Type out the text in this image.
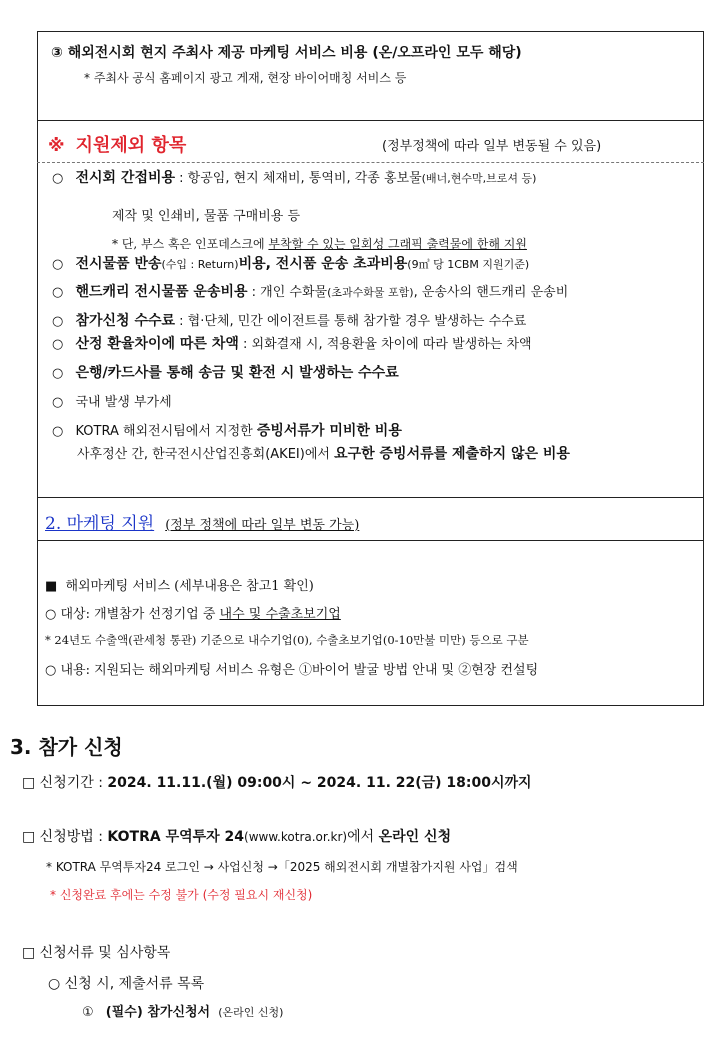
③ 해외전시회 현지 주최사 제공 마케팅 서비스 비용 (온/오프라인 모두 해당)
* 주최사 공식 홈페이지 광고 게재, 현장 바이어매칭 서비스 등
※ 지원제외 항목	(정부정책에 따라 일부 변동될 수 있음)
○ 전시회 간접비용 : 항공임, 현지 체재비, 통역비, 각종 홍보물(배너,현수막,브로셔 등)
제작 및 인쇄비, 물품 구매비용 등
* 단, 부스 혹은 인포데스크에 부착할 수 있는 일회성 그래픽 출력물에 한해 지원
○ 전시물품 반송(수입 : Return)비용, 전시품 운송 초과비용(9㎥ 당 1CBM 지원기준)
○ 핸드캐리 전시물품 운송비용 : 개인 수화물(초과수화물 포함), 운송사의 핸드캐리 운송비
○ 참가신청 수수료 : 협·단체, 민간 에이전트를 통해 참가할 경우 발생하는 수수료
○ 산정 환율차이에 따른 차액 : 외화결재 시, 적용환율 차이에 따라 발생하는 차액
○ 은행/카드사를 통해 송금 및 환전 시 발생하는 수수료
○ 국내 발생 부가세
○ KOTRA 해외전시팀에서 지정한 증빙서류가 미비한 비용
사후정산 간, 한국전시산업진흥회(AKEI)에서 요구한 증빙서류를 제출하지 않은 비용
2. 마케팅 지원 (정부 정책에 따라 일부 변동 가능)
■ 해외마케팅 서비스 (세부내용은 참고1 확인)
○ 대상: 개별참가 선정기업 중 내수 및 수출초보기업
* 24년도 수출액(관세청 통관) 기준으로 내수기업(0), 수출초보기업(0-10만불 미만) 등으로 구분
○ 내용: 지원되는 해외마케팅 서비스 유형은 ①바이어 발굴 방법 안내 및 ②현장 컨설팅
3. 참가 신청
□ 신청기간 : 2024. 11.11.(월) 09:00시 ~ 2024. 11. 22(금) 18:00시까지
□ 신청방법 : KOTRA 무역투자 24(www.kotra.or.kr)에서 온라인 신청
* KOTRA 무역투자24 로그인 → 사업신청 →「2025 해외전시회 개별참가지원 사업」검색
* 신청완료 후에는 수정 불가 (수정 필요시 재신청)
□ 신청서류 및 심사항목
○ 신청 시, 제출서류 목록
① (필수) 참가신청서 (온라인 신청)
